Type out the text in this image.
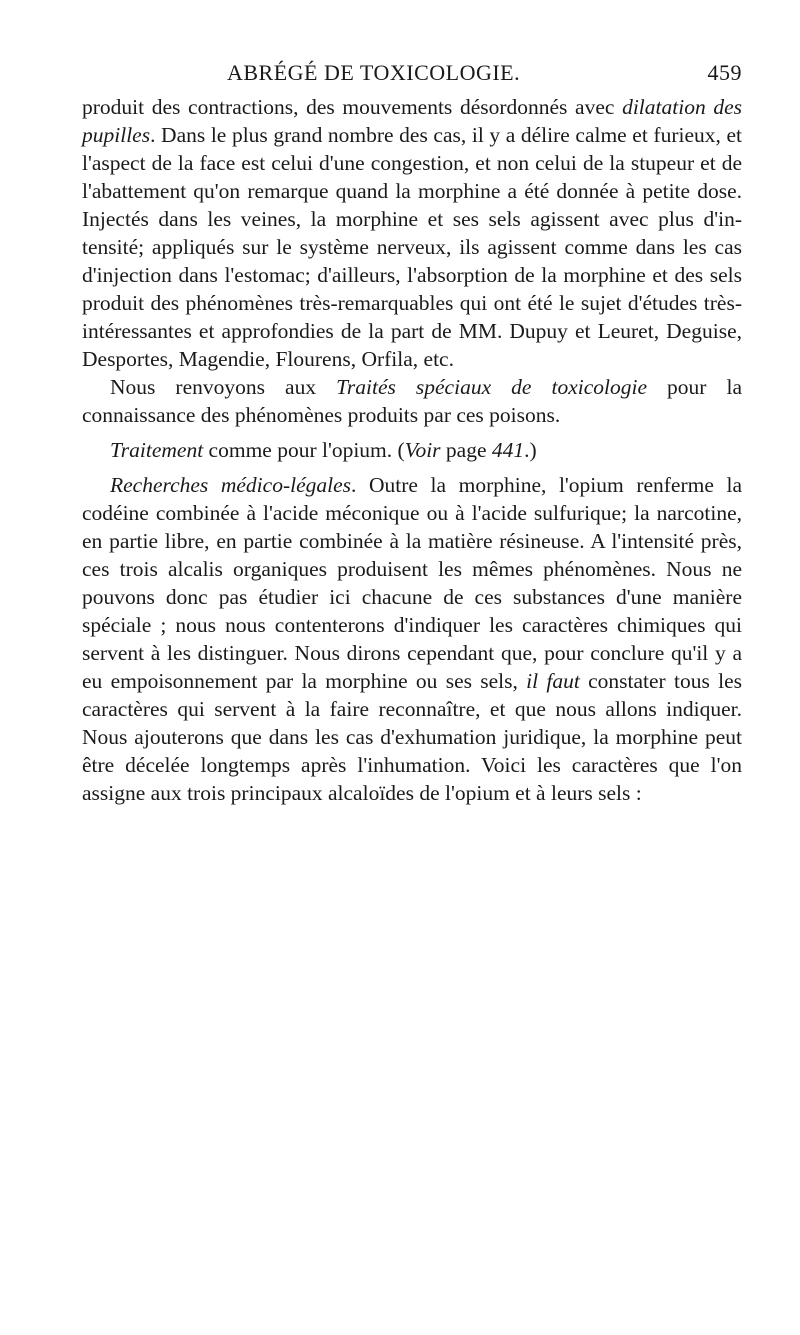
ABRÉGÉ DE TOXICOLOGIE.	459

produit des contractions, des mouvements désordonnés avec dilatation des pupilles. Dans le plus grand nombre des cas, il y a délire calme et furieux, et l'aspect de la face est celui d'une congestion, et non celui de la stupeur et de l'abattement qu'on remarque quand la morphine a été donnée à petite dose. Injectés dans les veines, la morphine et ses sels agissent avec plus d'intensité; appliqués sur le système nerveux, ils agissent comme dans les cas d'injection dans l'estomac; d'ailleurs, l'absorption de la morphine et des sels produit des phénomènes très-remarquables qui ont été le sujet d'études très-intéressantes et approfondies de la part de MM. Dupuy et Leuret, Deguise, Desportes, Magendie, Flourens, Orfila, etc.

Nous renvoyons aux Traités spéciaux de toxicologie pour la connaissance des phénomènes produits par ces poisons.

Traitement comme pour l'opium. (Voir page 441.)

Recherches médico-légales. Outre la morphine, l'opium renferme la codéine combinée à l'acide méconique ou à l'acide sulfurique; la narcotine, en partie libre, en partie combinée à la matière résineuse. A l'intensité près, ces trois alcalis organiques produisent les mêmes phénomènes. Nous ne pouvons donc pas étudier ici chacune de ces substances d'une manière spéciale ; nous nous contenterons d'indiquer les caractères chimiques qui servent à les distinguer. Nous dirons cependant que, pour conclure qu'il y a eu empoisonnement par la morphine ou ses sels, il faut constater tous les caractères qui servent à la faire reconnaître, et que nous allons indiquer. Nous ajouterons que dans les cas d'exhumation juridique, la morphine peut être décelée longtemps après l'inhumation. Voici les caractères que l'on assigne aux trois principaux alcaloïdes de l'opium et à leurs sels :
